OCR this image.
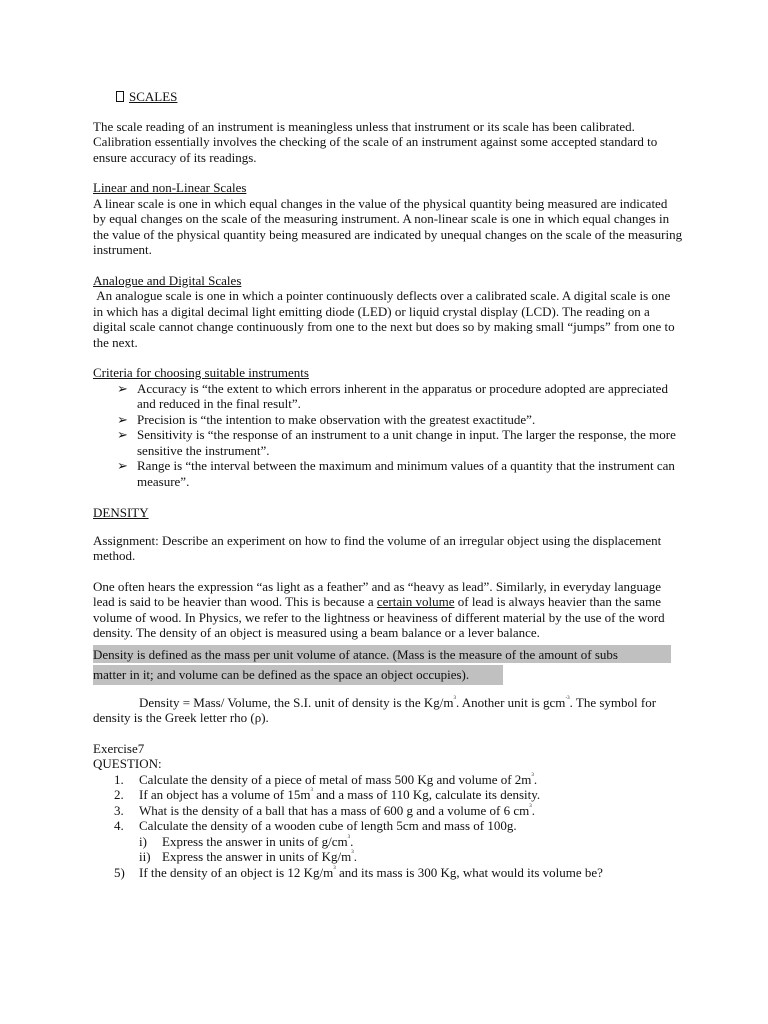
SCALES

The scale reading of an instrument is meaningless unless that instrument or its scale has been calibrated. Calibration essentially involves the checking of the scale of an instrument against some accepted standard to ensure accuracy of its readings.

Linear and non-Linear Scales

A linear scale is one in which equal changes in the value of the physical quantity being measured are indicated by equal changes on the scale of the measuring instrument. A non-linear scale is one in which equal changes in the value of the physical quantity being measured are indicated by unequal changes on the scale of the measuring instrument.

Analogue and Digital Scales

An analogue scale is one in which a pointer continuously deflects over a calibrated scale. A digital scale is one in which has a digital decimal light emitting diode (LED) or liquid crystal display (LCD). The reading on a digital scale cannot change continuously from one to the next but does so by making small “jumps” from one to the next.

Criteria for choosing suitable instruments

➢ Accuracy is “the extent to which errors inherent in the apparatus or procedure adopted are appreciated and reduced in the final result”.
➢ Precision is “the intention to make observation with the greatest exactitude”.
➢ Sensitivity is “the response of an instrument to a unit change in input. The larger the response, the more sensitive the instrument”.
➢ Range is “the interval between the maximum and minimum values of a quantity that the instrument can measure”.

DENSITY

Assignment: Describe an experiment on how to find the volume of an irregular object using the displacement method.

One often hears the expression “as light as a feather” and as “heavy as lead”. Similarly, in everyday language lead is said to be heavier than wood. This is because a certain volume of lead is always heavier than the same volume of wood. In Physics, we refer to the lightness or heaviness of different material by the use of the word density. The density of an object is measured using a beam balance or a lever balance.

Density is defined as the mass per unit volume of atance. (Mass is the measure of the amount of subs
matter in it; and volume can be defined as the space an object occupies).

Density = Mass/ Volume, the S.I. unit of density is the $Kg/m^3$. Another unit is gcm$^{-3}$. The symbol for density is the Greek letter rho (ρ).

Exercise7

QUESTION:

1. Calculate the density of a piece of metal of mass 500 Kg and volume of $2m^3$.
2. If an object has a volume of $15m^3$ and a mass of 110 Kg, calculate its density.
3. What is the density of a ball that has a mass of 600 g and a volume of 6 $cm^3$.
4. Calculate the density of a wooden cube of length 5cm and mass of 100g.
i) Express the answer in units of $g/cm^3$.
ii) Express the answer in units of $Kg/m^3$.
5) If the density of an object is 12 $Kg/m^3$ and its mass is 300 Kg, what would its volume be?
